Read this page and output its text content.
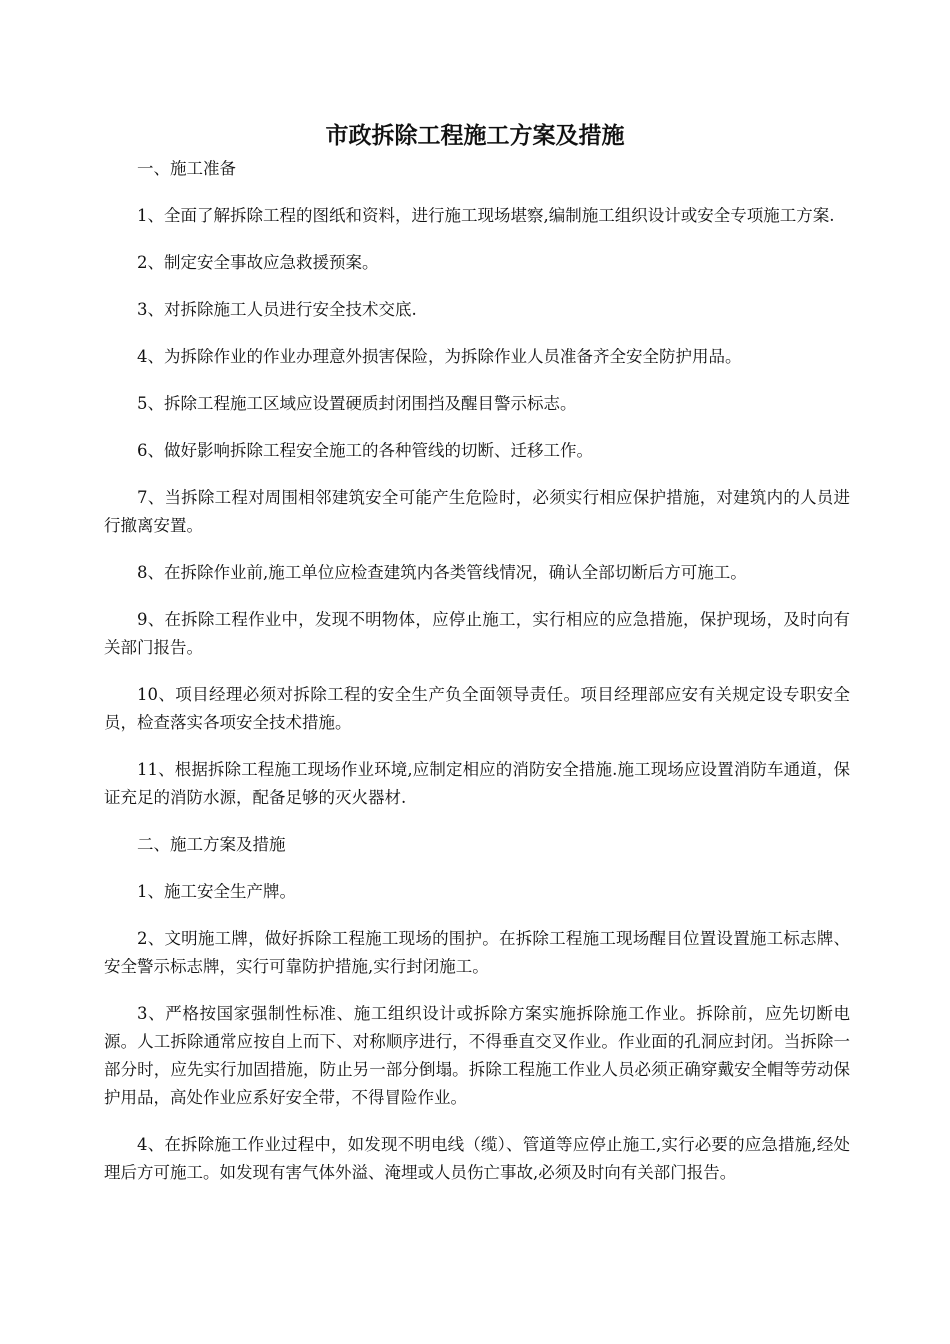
市政拆除工程施工方案及措施

一、施工准备

1、全面了解拆除工程的图纸和资料，进行施工现场堪察,编制施工组织设计或安全专项施工方案.

2、制定安全事故应急救援预案。

3、对拆除施工人员进行安全技术交底.

4、为拆除作业的作业办理意外损害保险，为拆除作业人员准备齐全安全防护用品。

5、拆除工程施工区域应设置硬质封闭围挡及醒目警示标志。

6、做好影响拆除工程安全施工的各种管线的切断、迁移工作。

7、当拆除工程对周围相邻建筑安全可能产生危险时，必须实行相应保护措施，对建筑内的人员进行撤离安置。

8、在拆除作业前,施工单位应检查建筑内各类管线情况，确认全部切断后方可施工。

9、在拆除工程作业中，发现不明物体，应停止施工，实行相应的应急措施，保护现场，及时向有关部门报告。

10、项目经理必须对拆除工程的安全生产负全面领导责任。项目经理部应安有关规定设专职安全员，检查落实各项安全技术措施。

11、根据拆除工程施工现场作业环境,应制定相应的消防安全措施.施工现场应设置消防车通道，保证充足的消防水源，配备足够的灭火器材.

二、施工方案及措施

1、施工安全生产牌。

2、文明施工牌，做好拆除工程施工现场的围护。在拆除工程施工现场醒目位置设置施工标志牌、安全警示标志牌，实行可靠防护措施,实行封闭施工。

3、严格按国家强制性标准、施工组织设计或拆除方案实施拆除施工作业。拆除前，应先切断电源。人工拆除通常应按自上而下、对称顺序进行，不得垂直交叉作业。作业面的孔洞应封闭。当拆除一部分时，应先实行加固措施，防止另一部分倒塌。拆除工程施工作业人员必须正确穿戴安全帽等劳动保护用品，高处作业应系好安全带，不得冒险作业。

4、在拆除施工作业过程中，如发现不明电线（缆）、管道等应停止施工,实行必要的应急措施,经处理后方可施工。如发现有害气体外溢、淹埋或人员伤亡事故,必须及时向有关部门报告。
